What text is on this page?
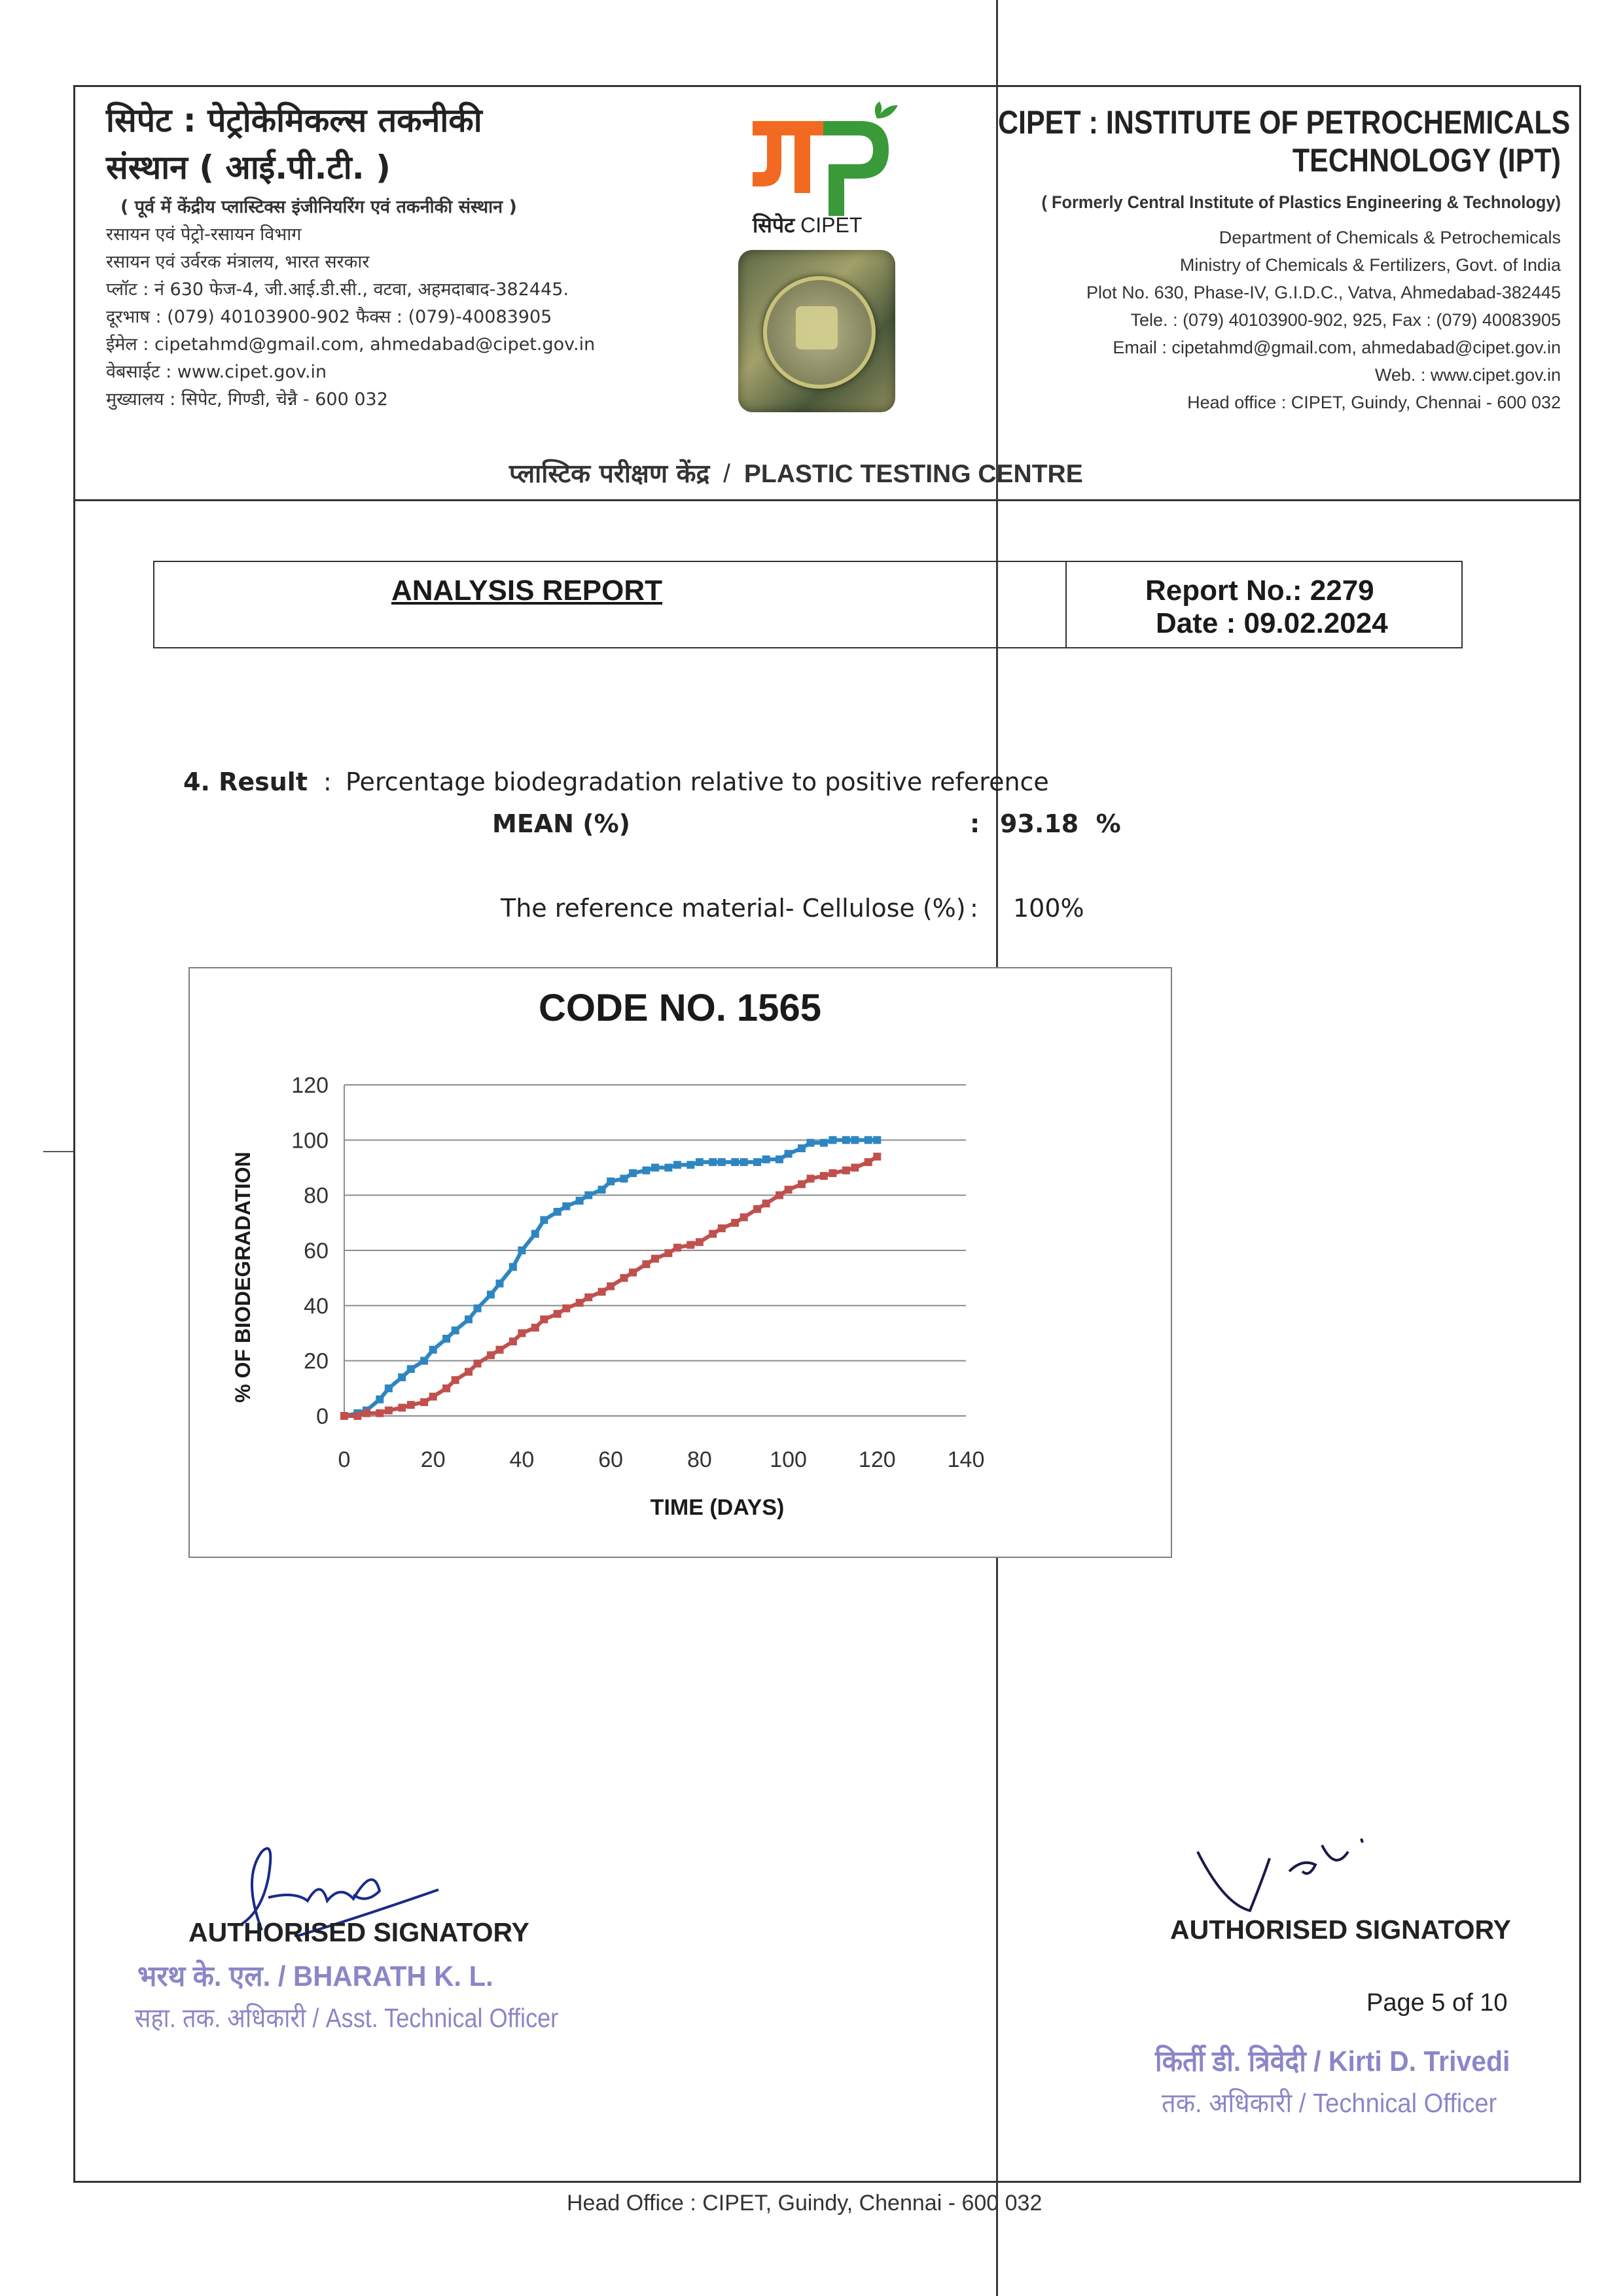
सिपेट : पेट्रोकेमिकल्स तकनीकी
संस्थान ( आई.पी.टी. )
( पूर्व में केंद्रीय प्लास्टिक्स इंजीनियरिंग एवं तकनीकी संस्थान )
रसायन एवं पेट्रो-रसायन विभाग
रसायन एवं उर्वरक मंत्रालय, भारत सरकार
प्लॉट : नं 630 फेज-4, जी.आई.डी.सी., वटवा, अहमदाबाद-382445.
दूरभाष : (079) 40103900-902 फैक्स : (079)-40083905
ईमेल : cipetahmd@gmail.com, ahmedabad@cipet.gov.in
वेबसाईट : www.cipet.gov.in
मुख्यालय : सिपेट, गिण्डी, चेन्नै - 600 032
सिपेट CIPET
CIPET : INSTITUTE OF PETROCHEMICALS
TECHNOLOGY (IPT)
( Formerly Central Institute of Plastics Engineering & Technology)
Department of Chemicals & Petrochemicals
Ministry of Chemicals & Fertilizers, Govt. of India
Plot No. 630, Phase-IV, G.I.D.C., Vatva, Ahmedabad-382445
Tele. : (079) 40103900-902, 925, Fax : (079) 40083905
Email : cipetahmd@gmail.com, ahmedabad@cipet.gov.in
Web. : www.cipet.gov.in
Head office : CIPET, Guindy, Chennai - 600 032
प्लास्टिक परीक्षण केंद्र / PLASTIC TESTING CENTRE
ANALYSIS REPORT	Report No.: 2279
Date : 09.02.2024
4. Result : Percentage biodegradation relative to positive reference
MEAN (%)	: 93.18  %
The reference material- Cellulose (%) : 100%
0
20
40
60
80
100
120
0	20	40	60	80	100 120 140
CODE NO. 1565
TIME (DAYS)
% OF BIODEGRADATION
AUTHORISED SIGNATORY
भरथ के. एल. / BHARATH K. L.
सहा. तक. अधिकारी / Asst. Technical Officer
AUTHORISED SIGNATORY
Page 5 of 10
किर्ती डी. त्रिवेदी / Kirti D. Trivedi
तक. अधिकारी / Technical Officer
Head Office : CIPET, Guindy, Chennai - 600 032
